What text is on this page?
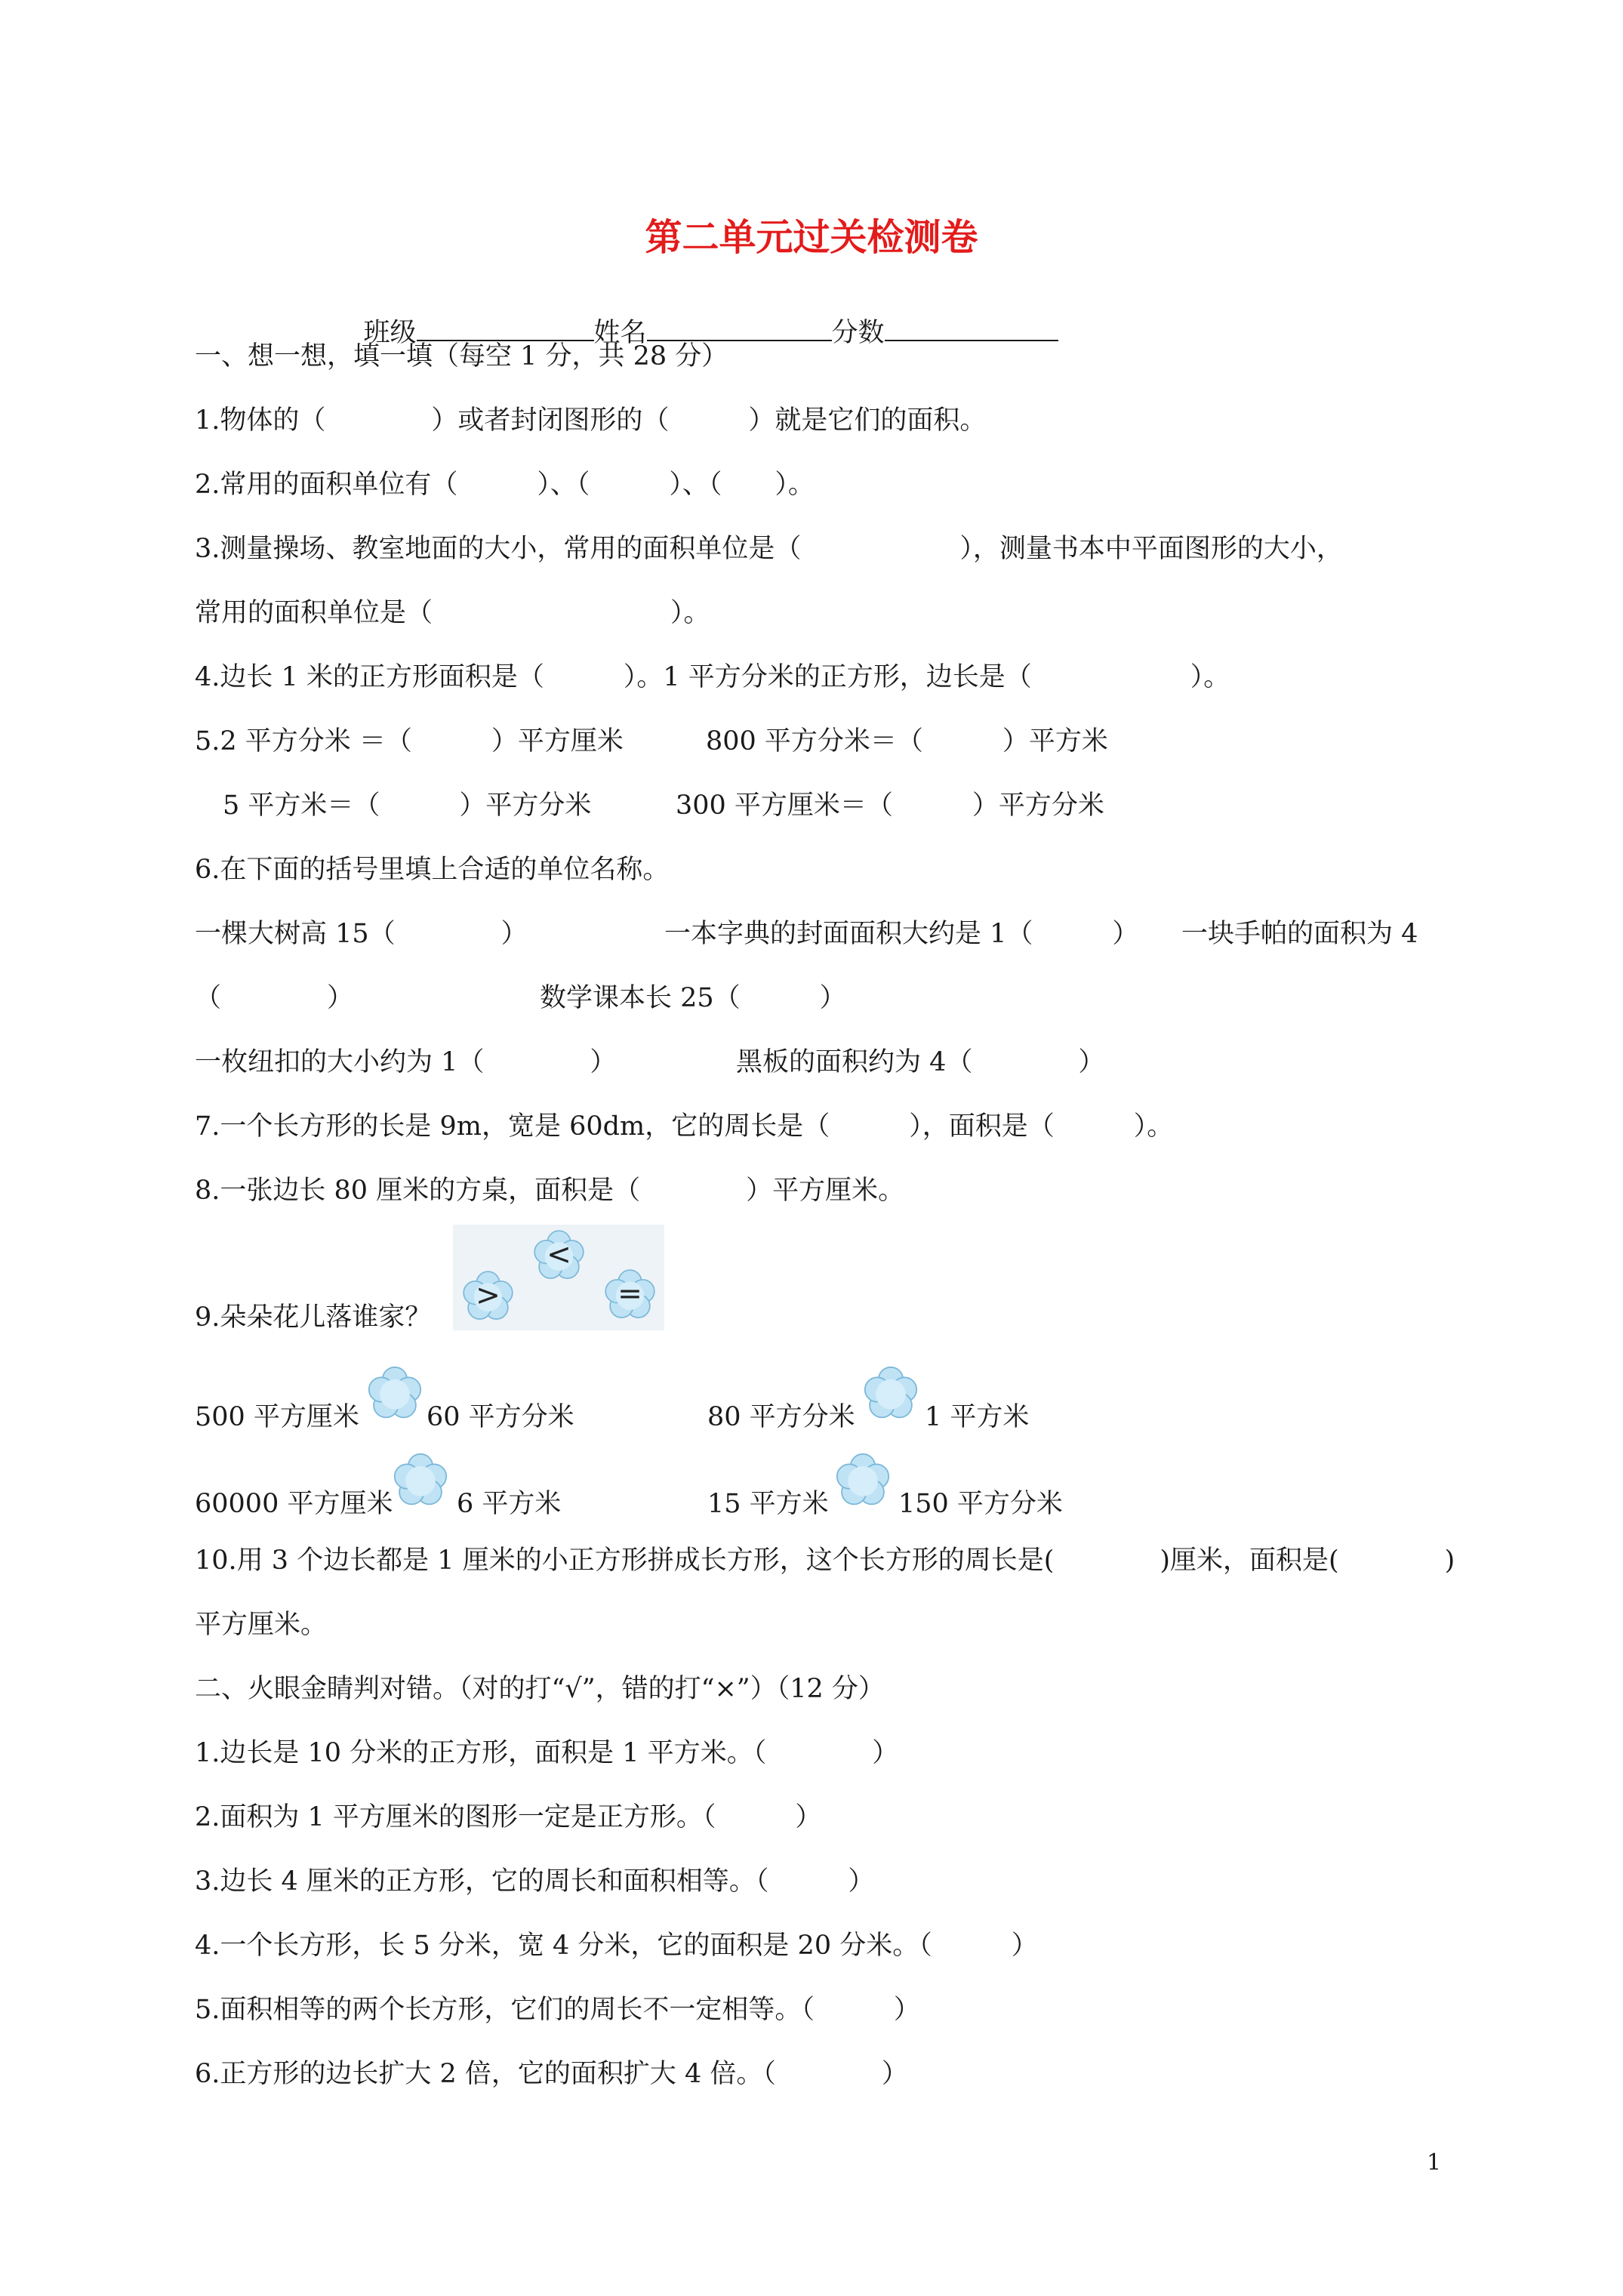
第二单元过关检测卷

班级	姓名	分数

一、想一想，填一填（每空 1 分，共 28 分）
1.物体的（　　　　）或者封闭图形的（　　　）就是它们的面积。
2.常用的面积单位有（　　　）、（　　　）、（　　）。
3.测量操场、教室地面的大小，常用的面积单位是（　　　　　　），测量书本中平面图形的大小，
常用的面积单位是（　　　　　　　　　）。
4.边长 1 米的正方形面积是（　　　）。1 平方分米的正方形，边长是（　　　　　　）。
5.2 平方分米 ＝（　　　）平方厘米	800 平方分米＝（　　　）平方米
5 平方米＝（　　　）平方分米	300 平方厘米＝（　　　）平方分米
6.在下面的括号里填上合适的单位名称。
一棵大树高 15（　　　　）	一本字典的封面面积大约是 1（　　　） 一块手帕的面积为 4
（　　　　）	数学课本长 25（　　　）
一枚纽扣的大小约为 1（　　　　）	黑板的面积约为 4（　　　　）
7.一个长方形的长是 9m，宽是 60dm，它的周长是（　　　），面积是（　　　）。
8.一张边长 80 厘米的方桌，面积是（　　　　）平方厘米。
9.朵朵花儿落谁家？
<
>	=
500 平方厘米	60 平方分米	80 平方分米	1 平方米
60000 平方厘米 6 平方米	15 平方米	150 平方分米
10.用 3 个边长都是 1 厘米的小正方形拼成长方形，这个长方形的周长是(　　　　)厘米，面积是(　　　　)
平方厘米。
二、火眼金睛判对错。（对的打“√”，错的打“×”）（12 分）
1.边长是 10 分米的正方形，面积是 1 平方米。（　　　　）
2.面积为 1 平方厘米的图形一定是正方形。（　　　）
3.边长 4 厘米的正方形，它的周长和面积相等。（　　　）
4.一个长方形，长 5 分米，宽 4 分米，它的面积是 20 分米。（　　　）
5.面积相等的两个长方形，它们的周长不一定相等。（　　　）
6.正方形的边长扩大 2 倍，它的面积扩大 4 倍。（　　　　）
1
